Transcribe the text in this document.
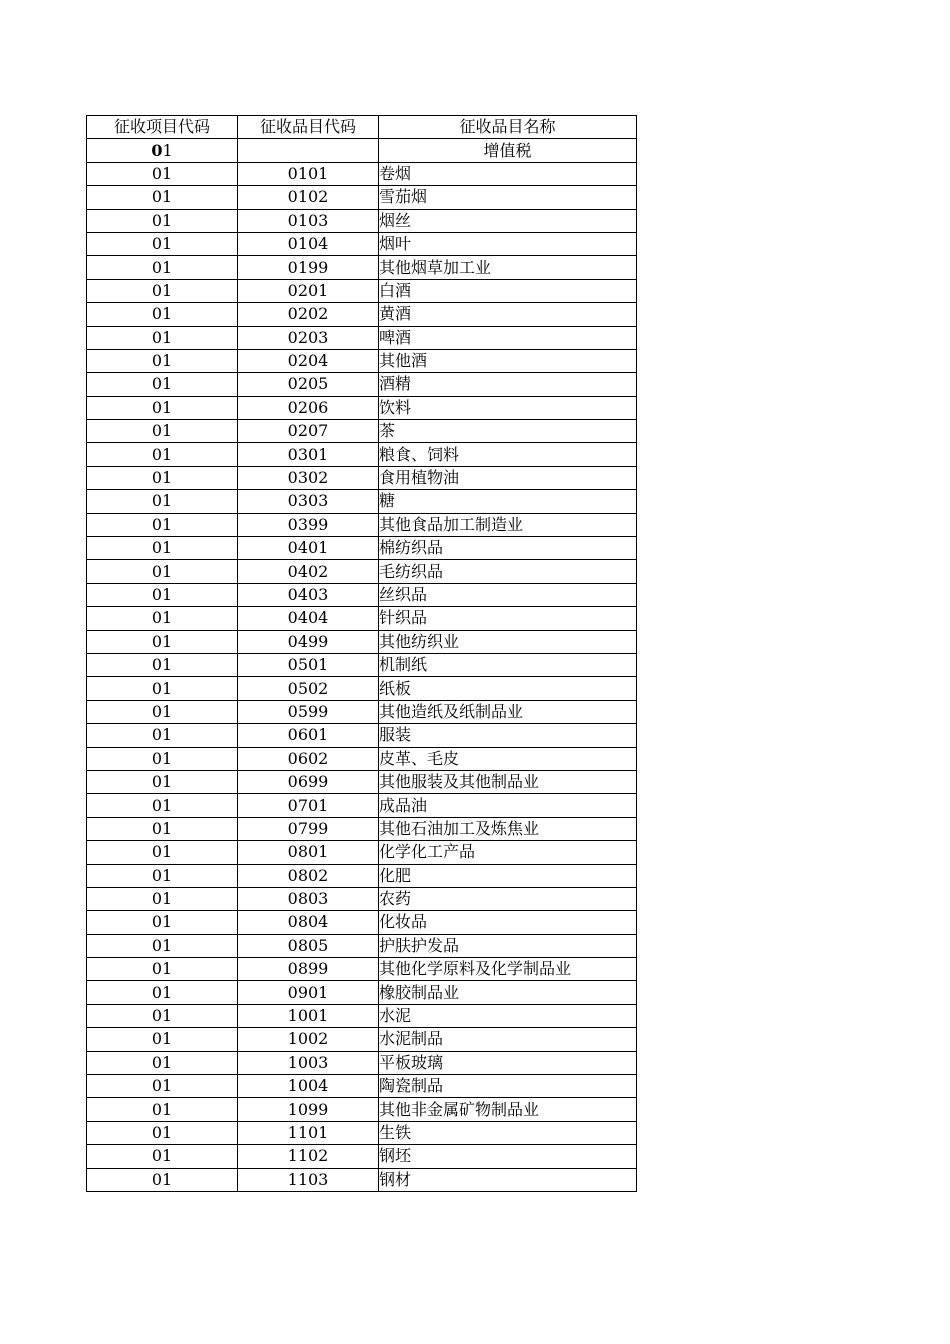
征收项目代码	征收品目代码	征收品目名称
01		增值税
01	0101	卷烟
01	0102	雪茄烟
01	0103	烟丝
01	0104	烟叶
01	0199	其他烟草加工业
01	0201	白酒
01	0202	黄酒
01	0203	啤酒
01	0204	其他酒
01	0205	酒精
01	0206	饮料
01	0207	茶
01	0301	粮食、饲料
01	0302	食用植物油
01	0303	糖
01	0399	其他食品加工制造业
01	0401	棉纺织品
01	0402	毛纺织品
01	0403	丝织品
01	0404	针织品
01	0499	其他纺织业
01	0501	机制纸
01	0502	纸板
01	0599	其他造纸及纸制品业
01	0601	服装
01	0602	皮革、毛皮
01	0699	其他服装及其他制品业
01	0701	成品油
01	0799	其他石油加工及炼焦业
01	0801	化学化工产品
01	0802	化肥
01	0803	农药
01	0804	化妆品
01	0805	护肤护发品
01	0899	其他化学原料及化学制品业
01	0901	橡胶制品业
01	1001	水泥
01	1002	水泥制品
01	1003	平板玻璃
01	1004	陶瓷制品
01	1099	其他非金属矿物制品业
01	1101	生铁
01	1102	钢坯
01	1103	钢材
